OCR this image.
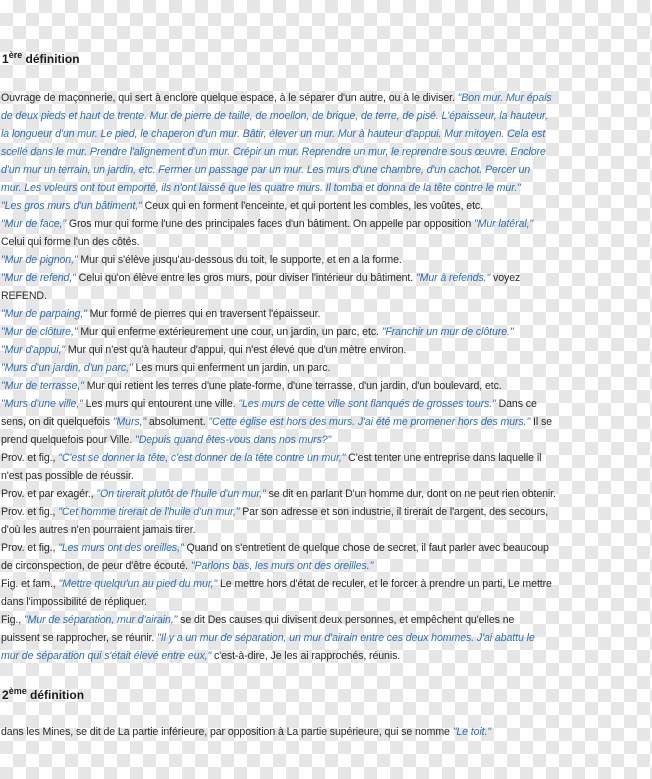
1ère définition

Ouvrage de maçonnerie, qui sert à enclore quelque espace, à le séparer d'un autre, ou à le diviser. "Bon mur. Mur épais

de deux pieds et haut de trente. Mur de pierre de taille, de moellon, de brique, de terre, de pisé. L'épaisseur, la hauteur,

la longueur d'un mur. Le pied, le chaperon d'un mur. Bâtir, élever un mur. Mur à hauteur d'appui. Mur mitoyen. Cela est

scellé dans le mur. Prendre l'alignement d'un mur. Crépir un mur. Reprendre un mur, le reprendre sous œuvre. Enclore

d'un mur un terrain, un jardin, etc. Fermer un passage par un mur. Les murs d'une chambre, d'un cachot. Percer un

mur. Les voleurs ont tout emporté, ils n'ont laissé que les quatre murs. Il tomba et donna de la tête contre le mur."

"Les gros murs d'un bâtiment," Ceux qui en forment l'enceinte, et qui portent les combles, les voûtes, etc.

"Mur de face," Gros mur qui forme l'une des principales faces d'un bâtiment. On appelle par opposition "Mur latéral,"

Celui qui forme l'un des côtés.

"Mur de pignon," Mur qui s'élève jusqu'au-dessous du toit, le supporte, et en a la forme.

"Mur de refend," Celui qu'on élève entre les gros murs, pour diviser l'intérieur du bâtiment. "Mur à refends." voyez

REFEND.

"Mur de parpaing," Mur formé de pierres qui en traversent l'épaisseur.

"Mur de clôture," Mur qui enferme extérieurement une cour, un jardin, un parc, etc. "Franchir un mur de clôture."

"Mur d'appui," Mur qui n'est qu'à hauteur d'appui, qui n'est élevé que d'un mètre environ.

"Murs d'un jardin, d'un parc," Les murs qui enferment un jardin, un parc.

"Mur de terrasse," Mur qui retient les terres d'une plate-forme, d'une terrasse, d'un jardin, d'un boulevard, etc.

"Murs d'une ville," Les murs qui entourent une ville. "Les murs de cette ville sont flanqués de grosses tours." Dans ce

sens, on dit quelquefois "Murs," absolument. "Cette église est hors des murs. J'ai été me promener hors des murs." Il se

prend quelquefois pour Ville. "Depuis quand êtes-vous dans nos murs?"

Prov. et fig., "C'est se donner la tête, c'est donner de la tête contre un mur," C'est tenter une entreprise dans laquelle il

n'est pas possible de réussir.

Prov. et par exagér., "On tirerait plutôt de l'huile d'un mur," se dit en parlant D'un homme dur, dont on ne peut rien obtenir.

Prov. et fig., "Cet homme tirerait de l'huile d'un mur," Par son adresse et son industrie, il tirerait de l'argent, des secours,

d'où les autres n'en pourraient jamais tirer.

Prov. et fig., "Les murs ont des oreilles," Quand on s'entretient de quelque chose de secret, il faut parler avec beaucoup

de circonspection, de peur d'être écouté. "Parlons bas, les murs ont des oreilles."

Fig. et fam., "Mettre quelqu'un au pied du mur," Le mettre hors d'état de reculer, et le forcer à prendre un parti, Le mettre

dans l'impossibilité de répliquer.

Fig., "Mur de séparation, mur d'airain," se dit Des causes qui divisent deux personnes, et empêchent qu'elles ne

puissent se rapprocher, se réunir. "Il y a un mur de séparation, un mur d'airain entre ces deux hommes. J'ai abattu le

mur de séparation qui s'était élevé entre eux," c'est-à-dire, Je les ai rapprochés, réunis.

2ème définition

dans les Mines, se dit de La partie inférieure, par opposition à La partie supérieure, qui se nomme "Le toit."
